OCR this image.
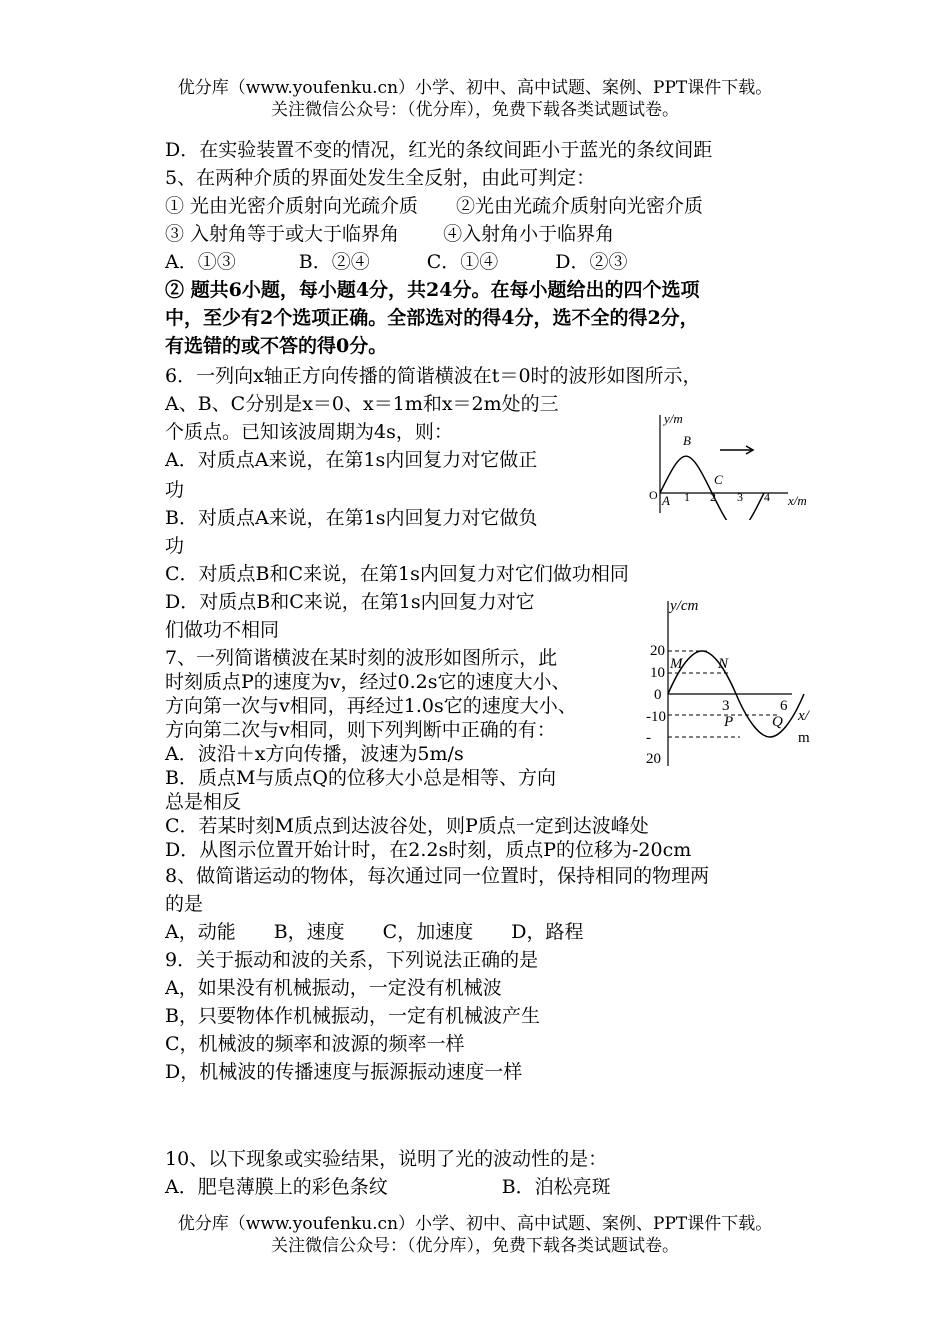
优分库（www.youfenku.cn）小学、初中、高中试题、案例、PPT课件下载。
关注微信公众号：（优分库），免费下载各类试题试卷。
D．在实验装置不变的情况，红光的条纹间距小于蓝光的条纹间距
5、在两种介质的界面处发生全反射，由此可判定：
① 光由光密介质射向光疏介质　　②光由光疏介质射向光密介质
③ 入射角等于或大于临界角　　 ④入射角小于临界角
A．①③　　　 B．②④　　　C．①④　　　D．②③
② 题共6小题，每小题4分，共24分。在每小题给出的四个选项
中，至少有2个选项正确。全部选对的得4分，选不全的得2分，
有选错的或不答的得0分。
6．一列向x轴正方向传播的简谐横波在t＝0时的波形如图所示，
A、B、C分别是x＝0、x＝1m和x＝2m处的三
个质点。已知该波周期为4s，则：
A．对质点A来说，在第1s内回复力对它做正
功
B．对质点A来说，在第1s内回复力对它做负
功
C．对质点B和C来说，在第1s内回复力对它们做功相同
D．对质点B和C来说，在第1s内回复力对它
们做功不相同
7、一列简谐横波在某时刻的波形如图所示，此
时刻质点P的速度为v，经过0.2s它的速度大小、
方向第一次与v相同，再经过1.0s它的速度大小、
方向第二次与v相同，则下列判断中正确的有：
A．波沿＋x方向传播，波速为5m/s
B．质点M与质点Q的位移大小总是相等、方向
总是相反
C．若某时刻M质点到达波谷处，则P质点一定到达波峰处
D．从图示位置开始计时，在2.2s时刻，质点P的位移为-20cm
8、做简谐运动的物体，每次通过同一位置时，保持相同的物理两
的是
A，动能　　B，速度　　C，加速度　　D，路程
9．关于振动和波的关系，下列说法正确的是
A，如果没有机械振动，一定没有机械波
B，只要物体作机械振动，一定有机械波产生
C，机械波的频率和波源的频率一样
D，机械波的传播速度与振源振动速度一样
10、以下现象或实验结果，说明了光的波动性的是：
A．肥皂薄膜上的彩色条纹　　　　　　B．泊松亮斑
y/m
x/m
O A
B
C
1 2 3 4
y/cm
20
10
0
-10
-
20
M N
3	6
P	Q x/
m
优分库（www.youfenku.cn）小学、初中、高中试题、案例、PPT课件下载。
关注微信公众号：（优分库），免费下载各类试题试卷。
